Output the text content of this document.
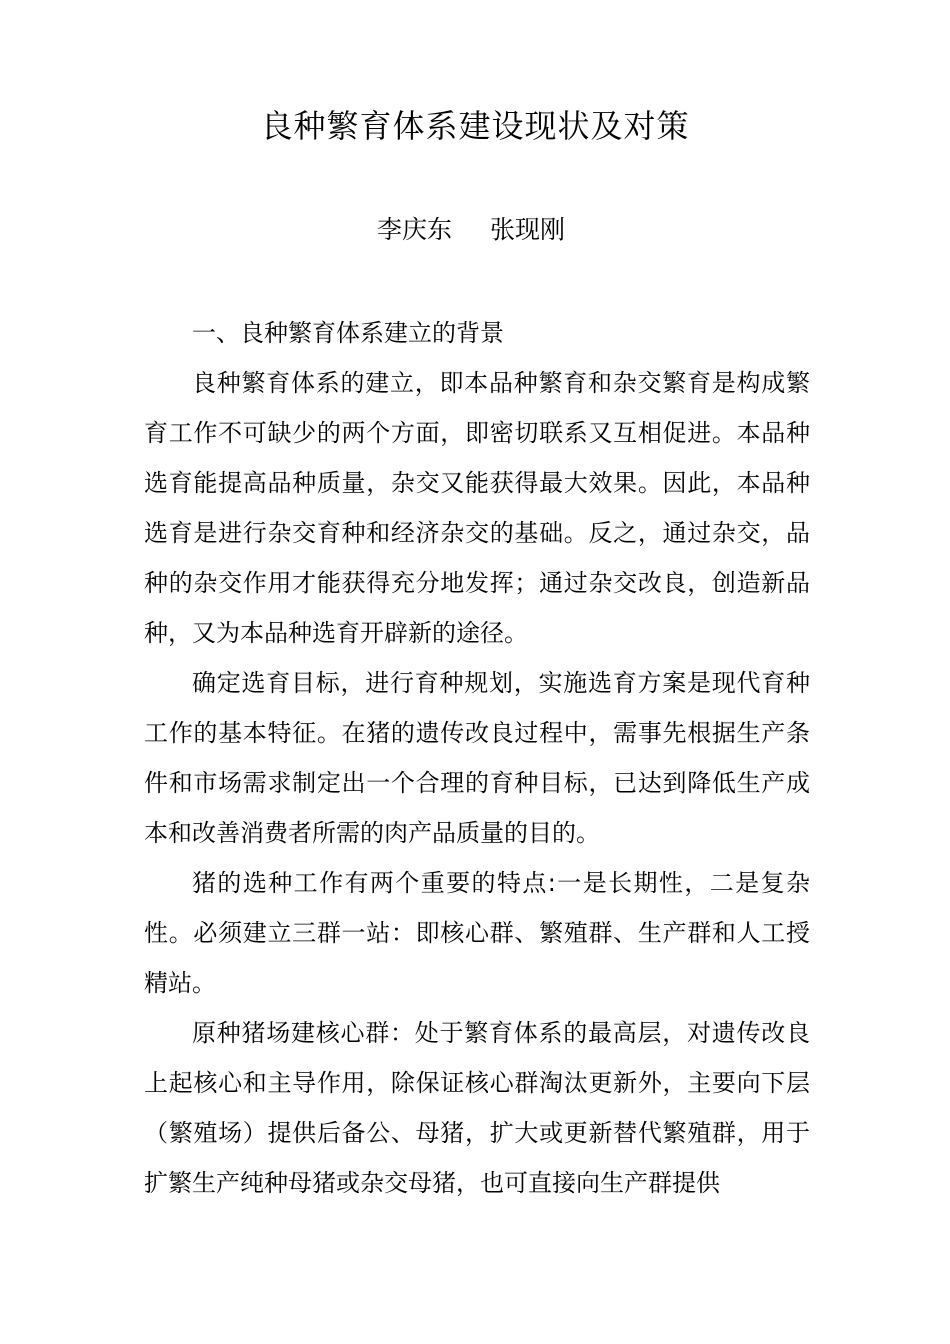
良种繁育体系建设现状及对策
李庆东 张现刚

一、良种繁育体系建立的背景

良种繁育体系的建立，即本品种繁育和杂交繁育是构成繁育工作不可缺少的两个方面，即密切联系又互相促进。本品种选育能提高品种质量，杂交又能获得最大效果。因此，本品种选育是进行杂交育种和经济杂交的基础。反之，通过杂交，品种的杂交作用才能获得充分地发挥；通过杂交改良，创造新品种，又为本品种选育开辟新的途径。

确定选育目标，进行育种规划，实施选育方案是现代育种工作的基本特征。在猪的遗传改良过程中，需事先根据生产条件和市场需求制定出一个合理的育种目标，已达到降低生产成本和改善消费者所需的肉产品质量的目的。

猪的选种工作有两个重要的特点:一是长期性，二是复杂性。必须建立三群一站：即核心群、繁殖群、生产群和人工授精站。

原种猪场建核心群：处于繁育体系的最高层，对遗传改良上起核心和主导作用，除保证核心群淘汰更新外，主要向下层（繁殖场）提供后备公、母猪，扩大或更新替代繁殖群，用于扩繁生产纯种母猪或杂交母猪，也可直接向生产群提供
